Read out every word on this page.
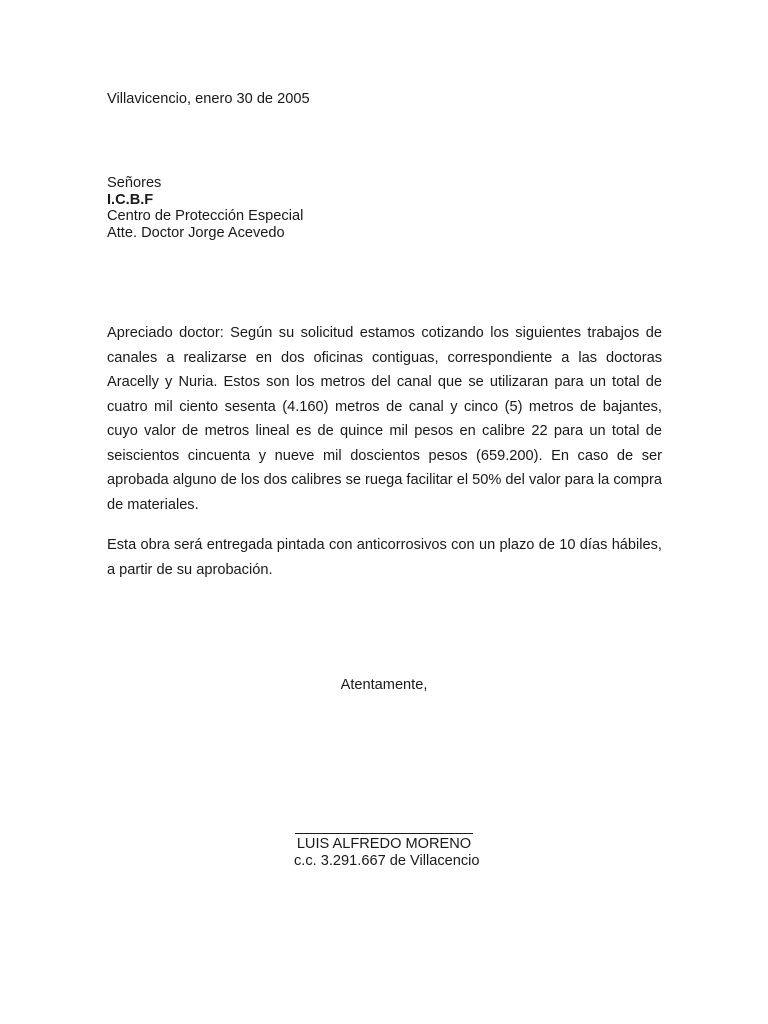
Villavicencio, enero 30 de 2005
Señores
I.C.B.F
Centro de Protección Especial
Atte. Doctor Jorge Acevedo
Apreciado doctor: Según su solicitud estamos cotizando los siguientes trabajos de canales a realizarse en dos oficinas contiguas, correspondiente a las doctoras Aracelly y Nuria. Estos son los metros del canal que se utilizaran para un total de cuatro mil ciento sesenta (4.160) metros de canal y cinco (5) metros de bajantes, cuyo valor de metros lineal es de quince mil pesos en calibre 22 para un total de seiscientos cincuenta y nueve mil doscientos pesos (659.200). En caso de ser aprobada alguno de los dos calibres se ruega facilitar el 50% del valor para la compra de materiales.
Esta obra será entregada pintada con anticorrosivos con un plazo de 10 días hábiles, a partir de su aprobación.
Atentamente,
LUIS ALFREDO MORENO
c.c. 3.291.667 de Villacencio
